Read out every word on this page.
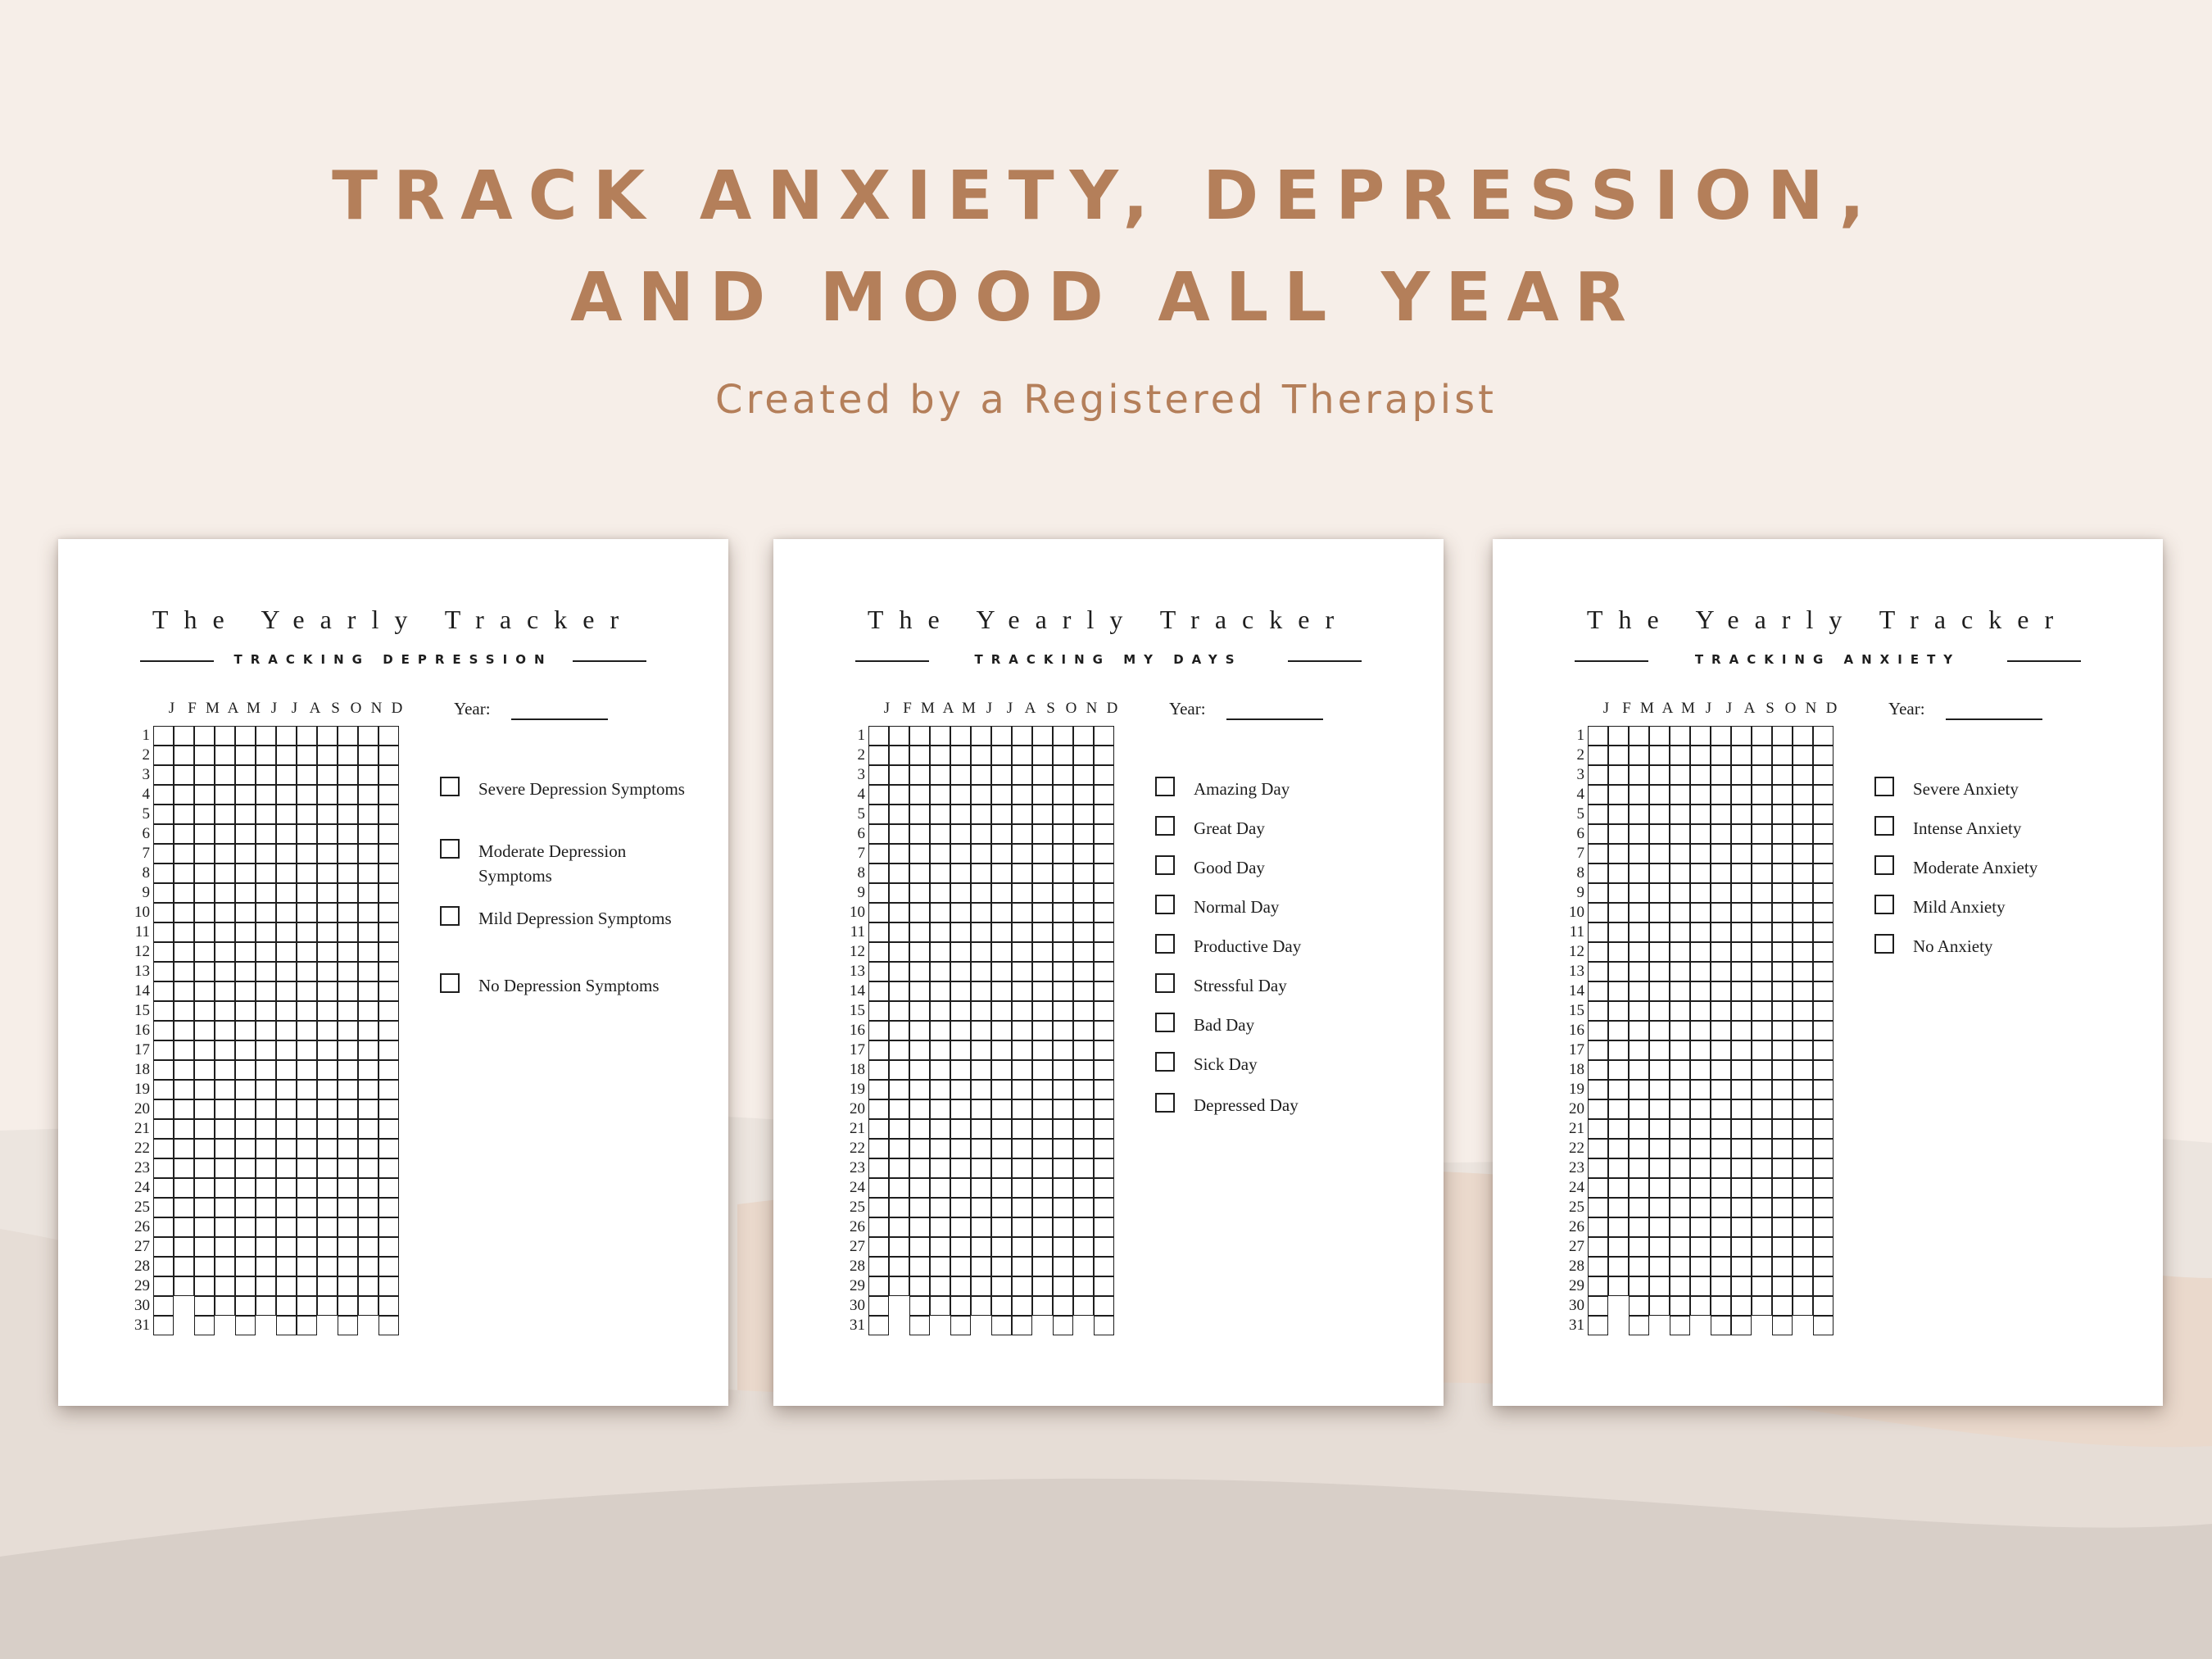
TRACK ANXIETY, DEPRESSION,
AND MOOD ALL YEAR
Created by a Registered Therapist
The Yearly Tracker
TRACKING DEPRESSION
J F M A M J J A S O N D
1
2
3
4
5
6
7
8
9
10
11
12
13
14
15
16
17
18
19
20
21
22
23
24
25
26
27
28
29
30
31
Year:
Severe Depression Symptoms
Moderate Depression Symptoms
Mild Depression Symptoms
No Depression Symptoms
The Yearly Tracker
TRACKING MY DAYS
J F M A M J J A S O N D
1
2
3
4
5
6
7
8
9
10
11
12
13
14
15
16
17
18
19
20
21
22
23
24
25
26
27
28
29
30
31
Year:
Amazing Day
Great Day
Good Day
Normal Day
Productive Day
Stressful Day
Bad Day
Sick Day
Depressed Day
The Yearly Tracker
TRACKING ANXIETY
J F M A M J J A S O N D
1
2
3
4
5
6
7
8
9
10
11
12
13
14
15
16
17
18
19
20
21
22
23
24
25
26
27
28
29
30
31
Year:
Severe Anxiety
Intense Anxiety
Moderate Anxiety
Mild Anxiety
No Anxiety
